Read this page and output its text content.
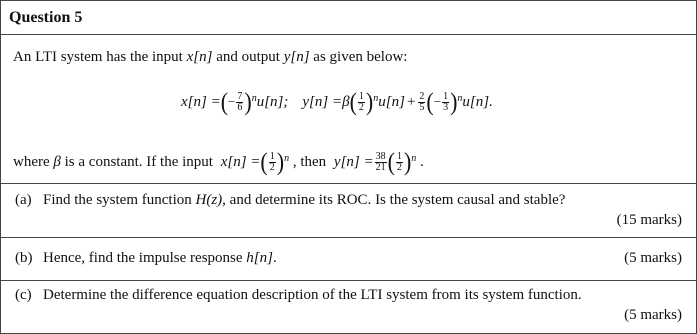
Question 5
An LTI system has the input x[n] and output y[n] as given below:
x[n] = ( − $\frac{7}{6} )^n$ u[n]; y[n] = β ( $\frac{1}{2} )^n$ $u[n] + \frac{2}{5}$ ( − $\frac{1}{3} )^n$ u[n].
where β is a constant. If the input x[n] = ( $\frac{1}{2} )^n$ , then $y[n] = \frac{38}{21}$ ( $\frac{1}{2} )^n$ .
(a) Find the system function H(z), and determine its ROC. Is the system causal and stable?
(15 marks)
(b) Hence, find the impulse response h[n].	(5 marks)
(c) Determine the difference equation description of the LTI system from its system function.
(5 marks)
